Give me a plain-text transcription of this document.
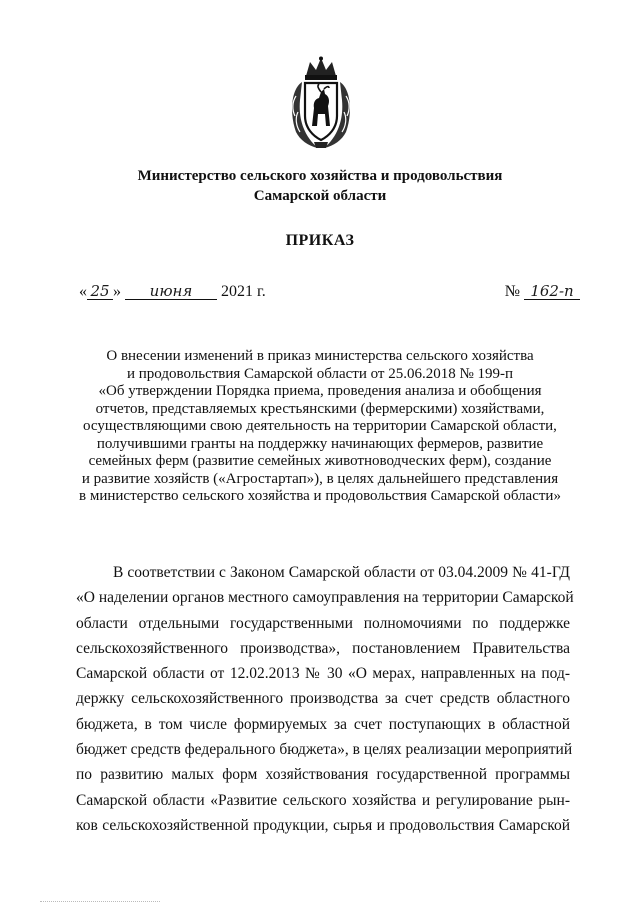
Министерство сельского хозяйства и продовольствия
Самарской области
ПРИКАЗ
« 25 » июня 2021 г.	№ 162-п
О внесении изменений в приказ министерства сельского хозяйства
и продовольствия Самарской области от 25.06.2018 № 199-п
«Об утверждении Порядка приема, проведения анализа и обобщения
отчетов, представляемых крестьянскими (фермерскими) хозяйствами,
осуществляющими свою деятельность на территории Самарской области,
получившими гранты на поддержку начинающих фермеров, развитие
семейных ферм (развитие семейных животноводческих ферм), создание
и развитие хозяйств («Агростартап»), в целях дальнейшего представления
в министерство сельского хозяйства и продовольствия Самарской области»
В соответствии с Законом Самарской области от 03.04.2009 № 41-ГД
«О наделении органов местного самоуправления на территории Самарской
области отдельными государственными полномочиями по поддержке
сельскохозяйственного производства», постановлением Правительства
Самарской области от 12.02.2013 № 30 «О мерах, направленных на под-
держку сельскохозяйственного производства за счет средств областного
бюджета, в том числе формируемых за счет поступающих в областной
бюджет средств федерального бюджета», в целях реализации мероприятий
по развитию малых форм хозяйствования государственной программы
Самарской области «Развитие сельского хозяйства и регулирование рын-
ков сельскохозяйственной продукции, сырья и продовольствия Самарской
